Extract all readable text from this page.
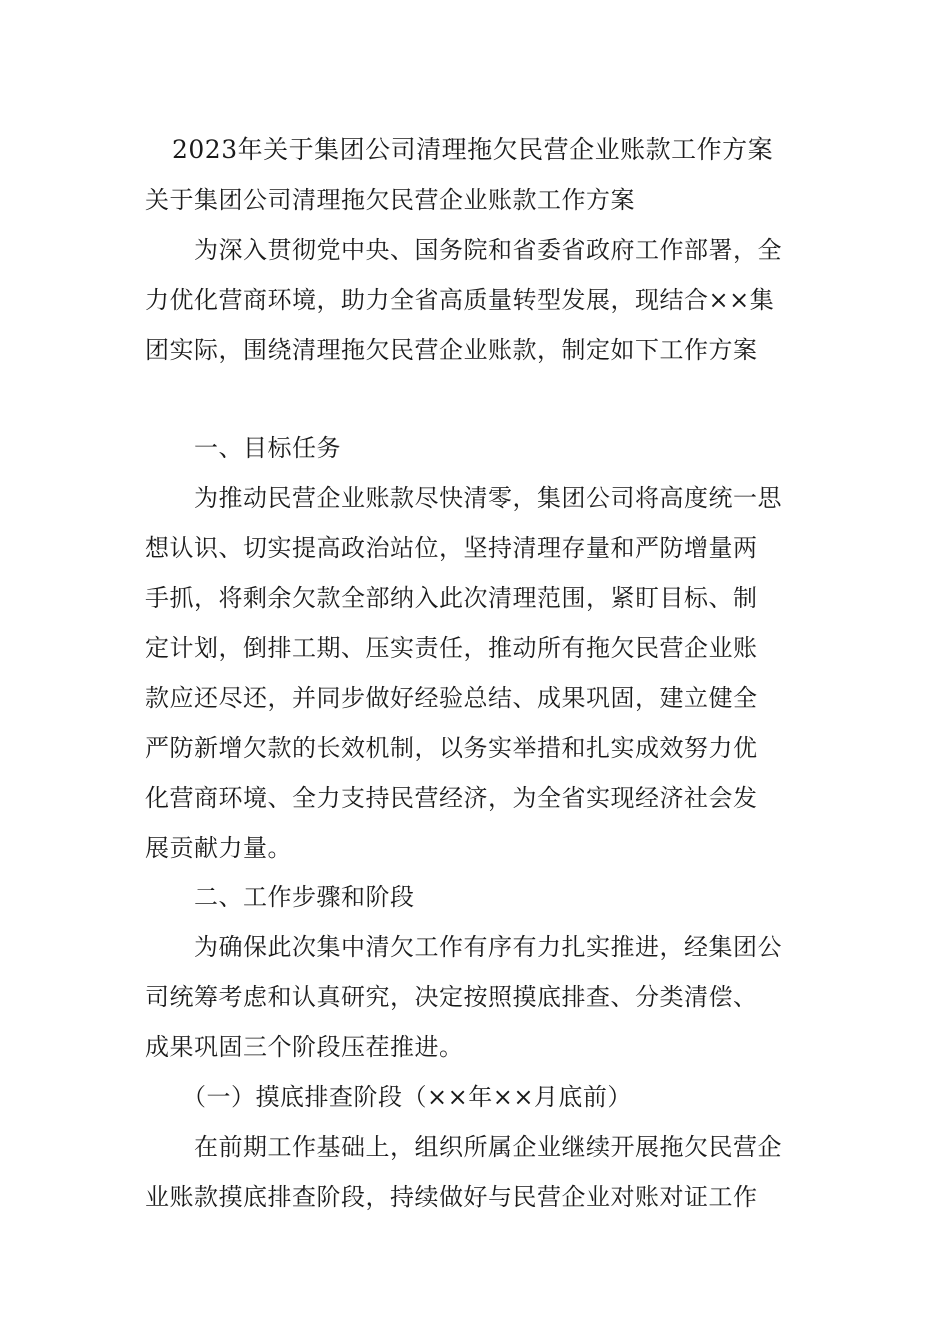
2023年关于集团公司清理拖欠民营企业账款工作方案
关于集团公司清理拖欠民营企业账款工作方案
　　为深入贯彻党中央、国务院和省委省政府工作部署，全
力优化营商环境，助力全省高质量转型发展，现结合××集
团实际，围绕清理拖欠民营企业账款，制定如下工作方案
　　一、目标任务
　　为推动民营企业账款尽快清零，集团公司将高度统一思
想认识、切实提高政治站位，坚持清理存量和严防增量两
手抓，将剩余欠款全部纳入此次清理范围，紧盯目标、制
定计划，倒排工期、压实责任，推动所有拖欠民营企业账
款应还尽还，并同步做好经验总结、成果巩固，建立健全
严防新增欠款的长效机制，以务实举措和扎实成效努力优
化营商环境、全力支持民营经济，为全省实现经济社会发
展贡献力量。
　　二、工作步骤和阶段
　　为确保此次集中清欠工作有序有力扎实推进，经集团公
司统筹考虑和认真研究，决定按照摸底排查、分类清偿、
成果巩固三个阶段压茬推进。
　　（一）摸底排查阶段（××年××月底前）
　　在前期工作基础上，组织所属企业继续开展拖欠民营企
业账款摸底排查阶段，持续做好与民营企业对账对证工作
